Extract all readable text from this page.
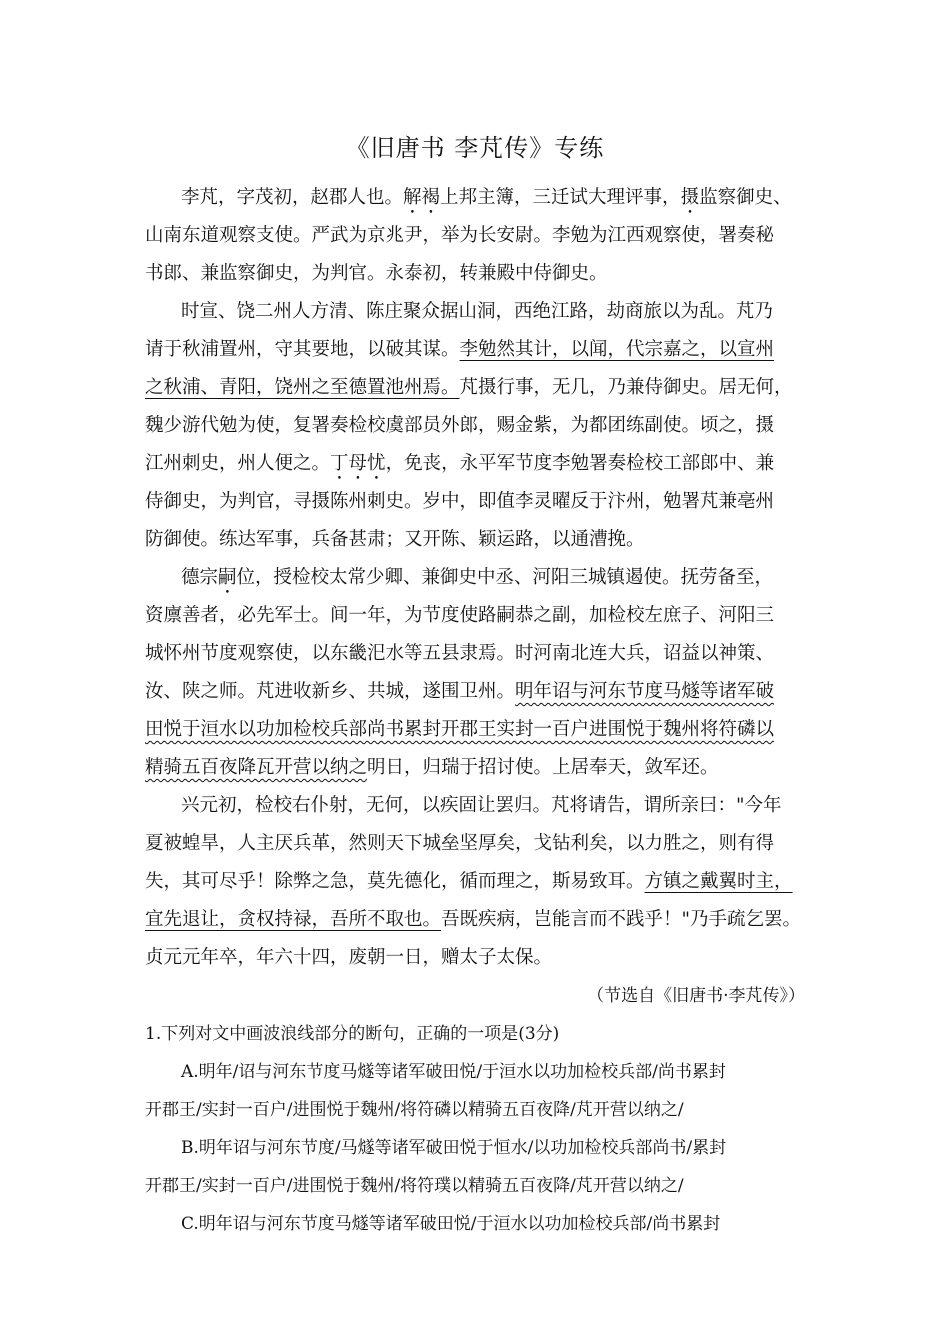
《旧唐书 李芃传》专练
李芃，字茂初，赵郡人也。解褐上邦主簿，三迁试大理评事，摄监察御史、
山南东道观察支使。严武为京兆尹，举为长安尉。李勉为江西观察使，署奏秘
书郎、兼监察御史，为判官。永泰初，转兼殿中侍御史。
时宣、饶二州人方清、陈庄聚众据山洞，西绝江路，劫商旅以为乱。芃乃
请于秋浦置州，守其要地，以破其谋。李勉然其计，以闻，代宗嘉之，以宣州
之秋浦、青阳，饶州之至德置池州焉。芃摄行事，无几，乃兼侍御史。居无何，
魏少游代勉为使，复署奏检校虞部员外郎，赐金紫，为都团练副使。顷之，摄
江州刺史，州人便之。丁母忧，免丧，永平军节度李勉署奏检校工部郎中、兼
侍御史，为判官，寻摄陈州刺史。岁中，即值李灵曜反于汴州，勉署芃兼亳州
防御使。练达军事，兵备甚肃；又开陈、颖运路，以通漕挽。
德宗嗣位，授检校太常少卿、兼御史中丞、河阳三城镇遏使。抚劳备至，
资廪善者，必先军士。间一年，为节度使路嗣恭之副，加检校左庶子、河阳三
城怀州节度观察使，以东畿汜水等五县隶焉。时河南北连大兵，诏益以神策、
汝、陕之师。芃进收新乡、共城，遂围卫州。明年诏与河东节度马燧等诸军破
田悦于洹水以功加检校兵部尚书累封开郡王实封一百户进围悦于魏州将符磷以
精骑五百夜降瓦开营以纳之明日，归瑞于招讨使。上居奉天，敛军还。
兴元初，检校右仆射，无何，以疾固让罢归。芃将请告，谓所亲曰："今年
夏被蝗旱，人主厌兵革，然则天下城垒坚厚矣，戈钻利矣，以力胜之，则有得
失，其可尽乎！除弊之急，莫先德化，循而理之，斯易致耳。方镇之戴翼时主，
宜先退让，贪权持禄，吾所不取也。吾既疾病，岂能言而不践乎！"乃手疏乞罢。
贞元元年卒，年六十四，废朝一日，赠太子太保。
（节选自《旧唐书·李芃传》）
1.下列对文中画波浪线部分的断句，正确的一项是(3分)
A.明年/诏与河东节度马燧等诸军破田悦/于洹水以功加检校兵部/尚书累封
开郡王/实封一百户/进围悦于魏州/将符磷以精骑五百夜降/芃开营以纳之/
B.明年诏与河东节度/马燧等诸军破田悦于恒水/以功加检校兵部尚书/累封
开郡王/实封一百户/进围悦于魏州/将符璞以精骑五百夜降/芃开营以纳之/
C.明年诏与河东节度马燧等诸军破田悦/于洹水以功加检校兵部/尚书累封
